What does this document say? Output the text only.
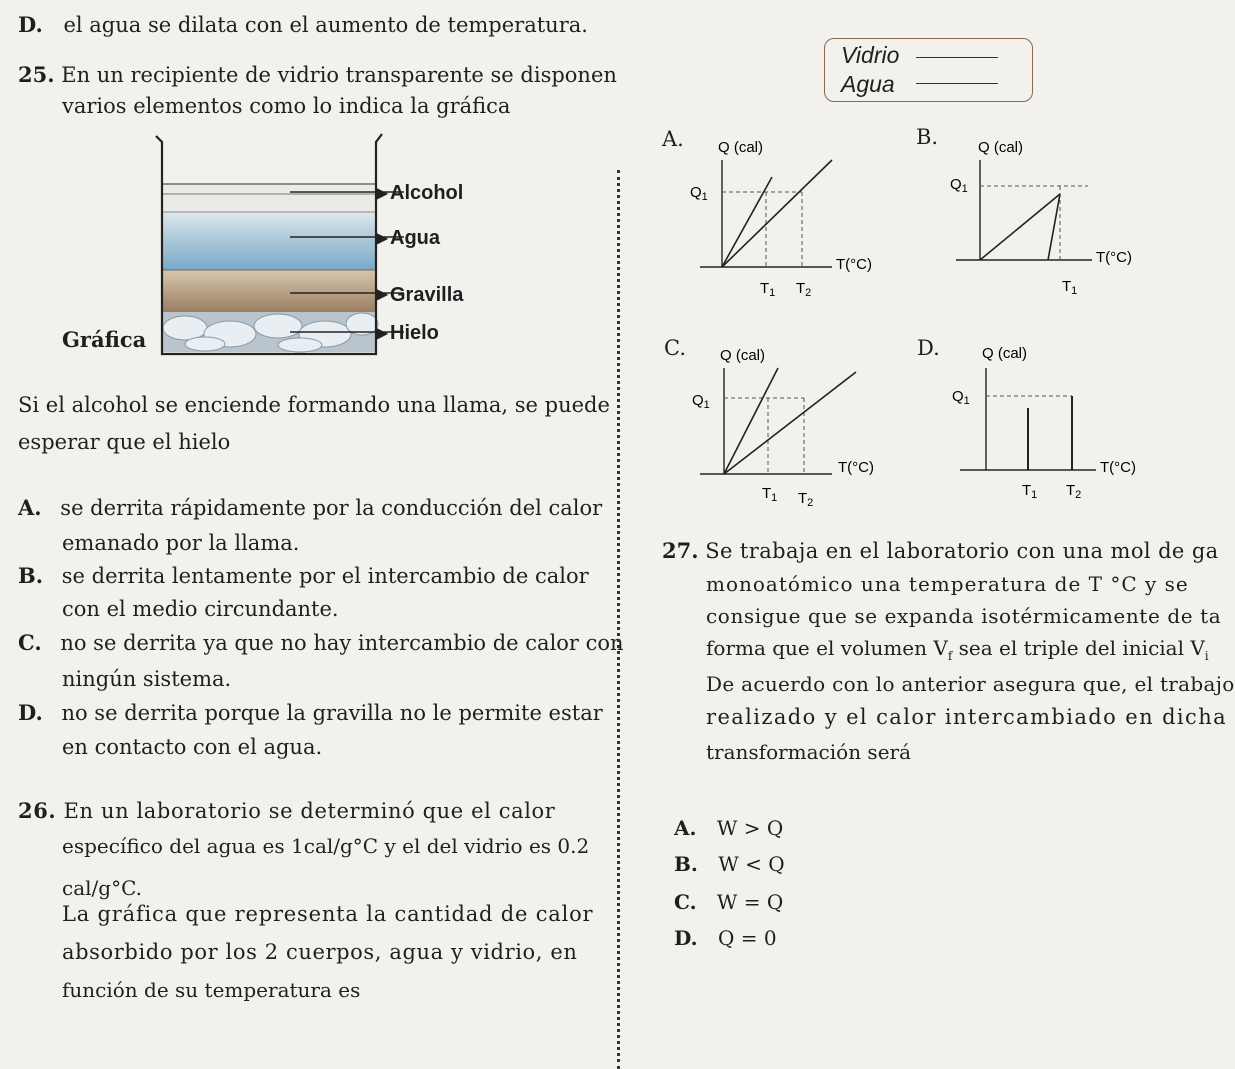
D. el agua se dilata con el aumento de temperatura.
25. En un recipiente de vidrio transparente se disponen
varios elementos como lo indica la gráfica
Gráfica
Alcohol
Agua
Gravilla
Hielo
▶
▶
▶
▶
Si el alcohol se enciende formando una llama, se puede
esperar que el hielo
A. se derrita rápidamente por la conducción del calor
emanado por la llama.
B. se derrita lentamente por el intercambio de calor
con el medio circundante.
C. no se derrita ya que no hay intercambio de calor con
ningún sistema.
D. no se derrita porque la gravilla no le permite estar
en contacto con el agua.
26. En un laboratorio se determinó que el calor
específico del agua es 1cal/g°C y el del vidrio es 0.2
cal/g°C.
La gráfica que representa la cantidad de calor
absorbido por los 2 cuerpos, agua y vidrio, en
función de su temperatura es
Vidrio
Agua
A. Q (cal)
T(°C)
$Q_1$
$T_1$ $T_2$
B.	Q (cal)
T(°C)
$Q_1$
$T_1$
C. Q (cal)
T(°C)
$Q_1$
$T_1$ $T_2$
D.	Q (cal)
T(°C)
$Q_1$
$T_1$ $T_2$
27. Se trabaja en el laboratorio con una mol de ga
monoatómico una temperatura de T °C y se
consigue que se expanda isotérmicamente de ta
forma que el volumen $V_f$ sea el triple del inicial $V_i$
De acuerdo con lo anterior asegura que, el trabajo
realizado y el calor intercambiado en dicha
transformación será
A. W > Q
B. W < Q
C. W = Q
D. Q = 0
